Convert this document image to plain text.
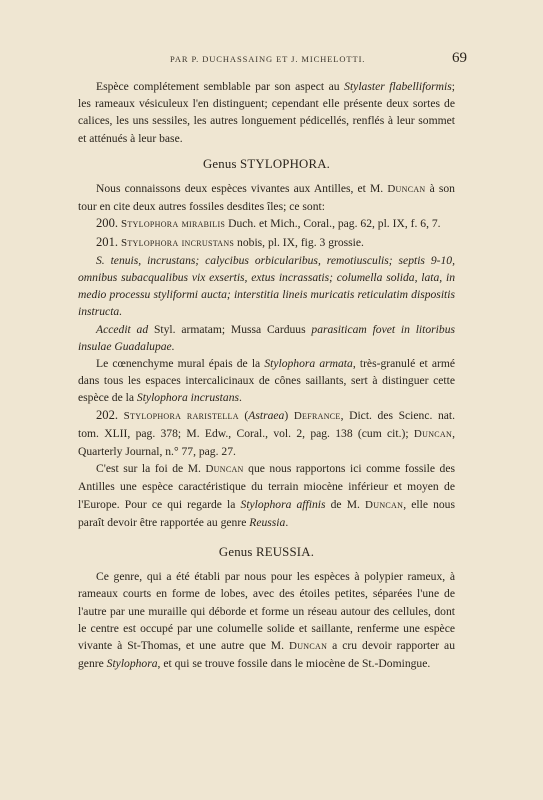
PAR P. DUCHASSAING ET J. MICHELOTTI.	69

Espèce complétement semblable par son aspect au Stylaster flabelliformis; les rameaux vésiculeux l'en distinguent; cependant elle présente deux sortes de calices, les uns sessiles, les autres longuement pédicellés, renflés à leur sommet et atténués à leur base.

Genus STYLOPHORA.

Nous connaissons deux espèces vivantes aux Antilles, et M. Duncan à son tour en cite deux autres fossiles desdites îles; ce sont:

200. Stylophora mirabilis Duch. et Mich., Coral., pag. 62, pl. IX, f. 6, 7.

201. Stylophora incrustans nobis, pl. IX, fig. 3 grossie.

S. tenuis, incrustans; calycibus orbicularibus, remotiusculis; septis 9-10, omnibus subacqualibus vix exsertis, extus incrassatis; columella solida, lata, in medio processu styliformi aucta; interstitia lineis muricatis reticulatim dispositis instructa.

Accedit ad Styl. armatam; Mussa Carduus parasiticam fovet in litoribus insulae Guadalupae.

Le cœnenchyme mural épais de la Stylophora armata, très-granulé et armé dans tous les espaces intercalicinaux de cônes saillants, sert à distinguer cette espèce de la Stylophora incrustans.

202. Stylophora raristella (Astraea) Defrance, Dict. des Scienc. nat. tom. XLII, pag. 378; M. Edw., Coral., vol. 2, pag. 138 (cum cit.); Duncan, Quarterly Journal, n.° 77, pag. 27.

C'est sur la foi de M. Duncan que nous rapportons ici comme fossile des Antilles une espèce caractéristique du terrain miocène inférieur et moyen de l'Europe. Pour ce qui regarde la Stylophora affinis de M. Duncan, elle nous paraît devoir être rapportée au genre Reussia.

Genus REUSSIA.

Ce genre, qui a été établi par nous pour les espèces à polypier rameux, à rameaux courts en forme de lobes, avec des étoiles petites, séparées l'une de l'autre par une muraille qui déborde et forme un réseau autour des cellules, dont le centre est occupé par une columelle solide et saillante, renferme une espèce vivante à St-Thomas, et une autre que M. Duncan a cru devoir rapporter au genre Stylophora, et qui se trouve fossile dans le miocène de St.-Domingue.
